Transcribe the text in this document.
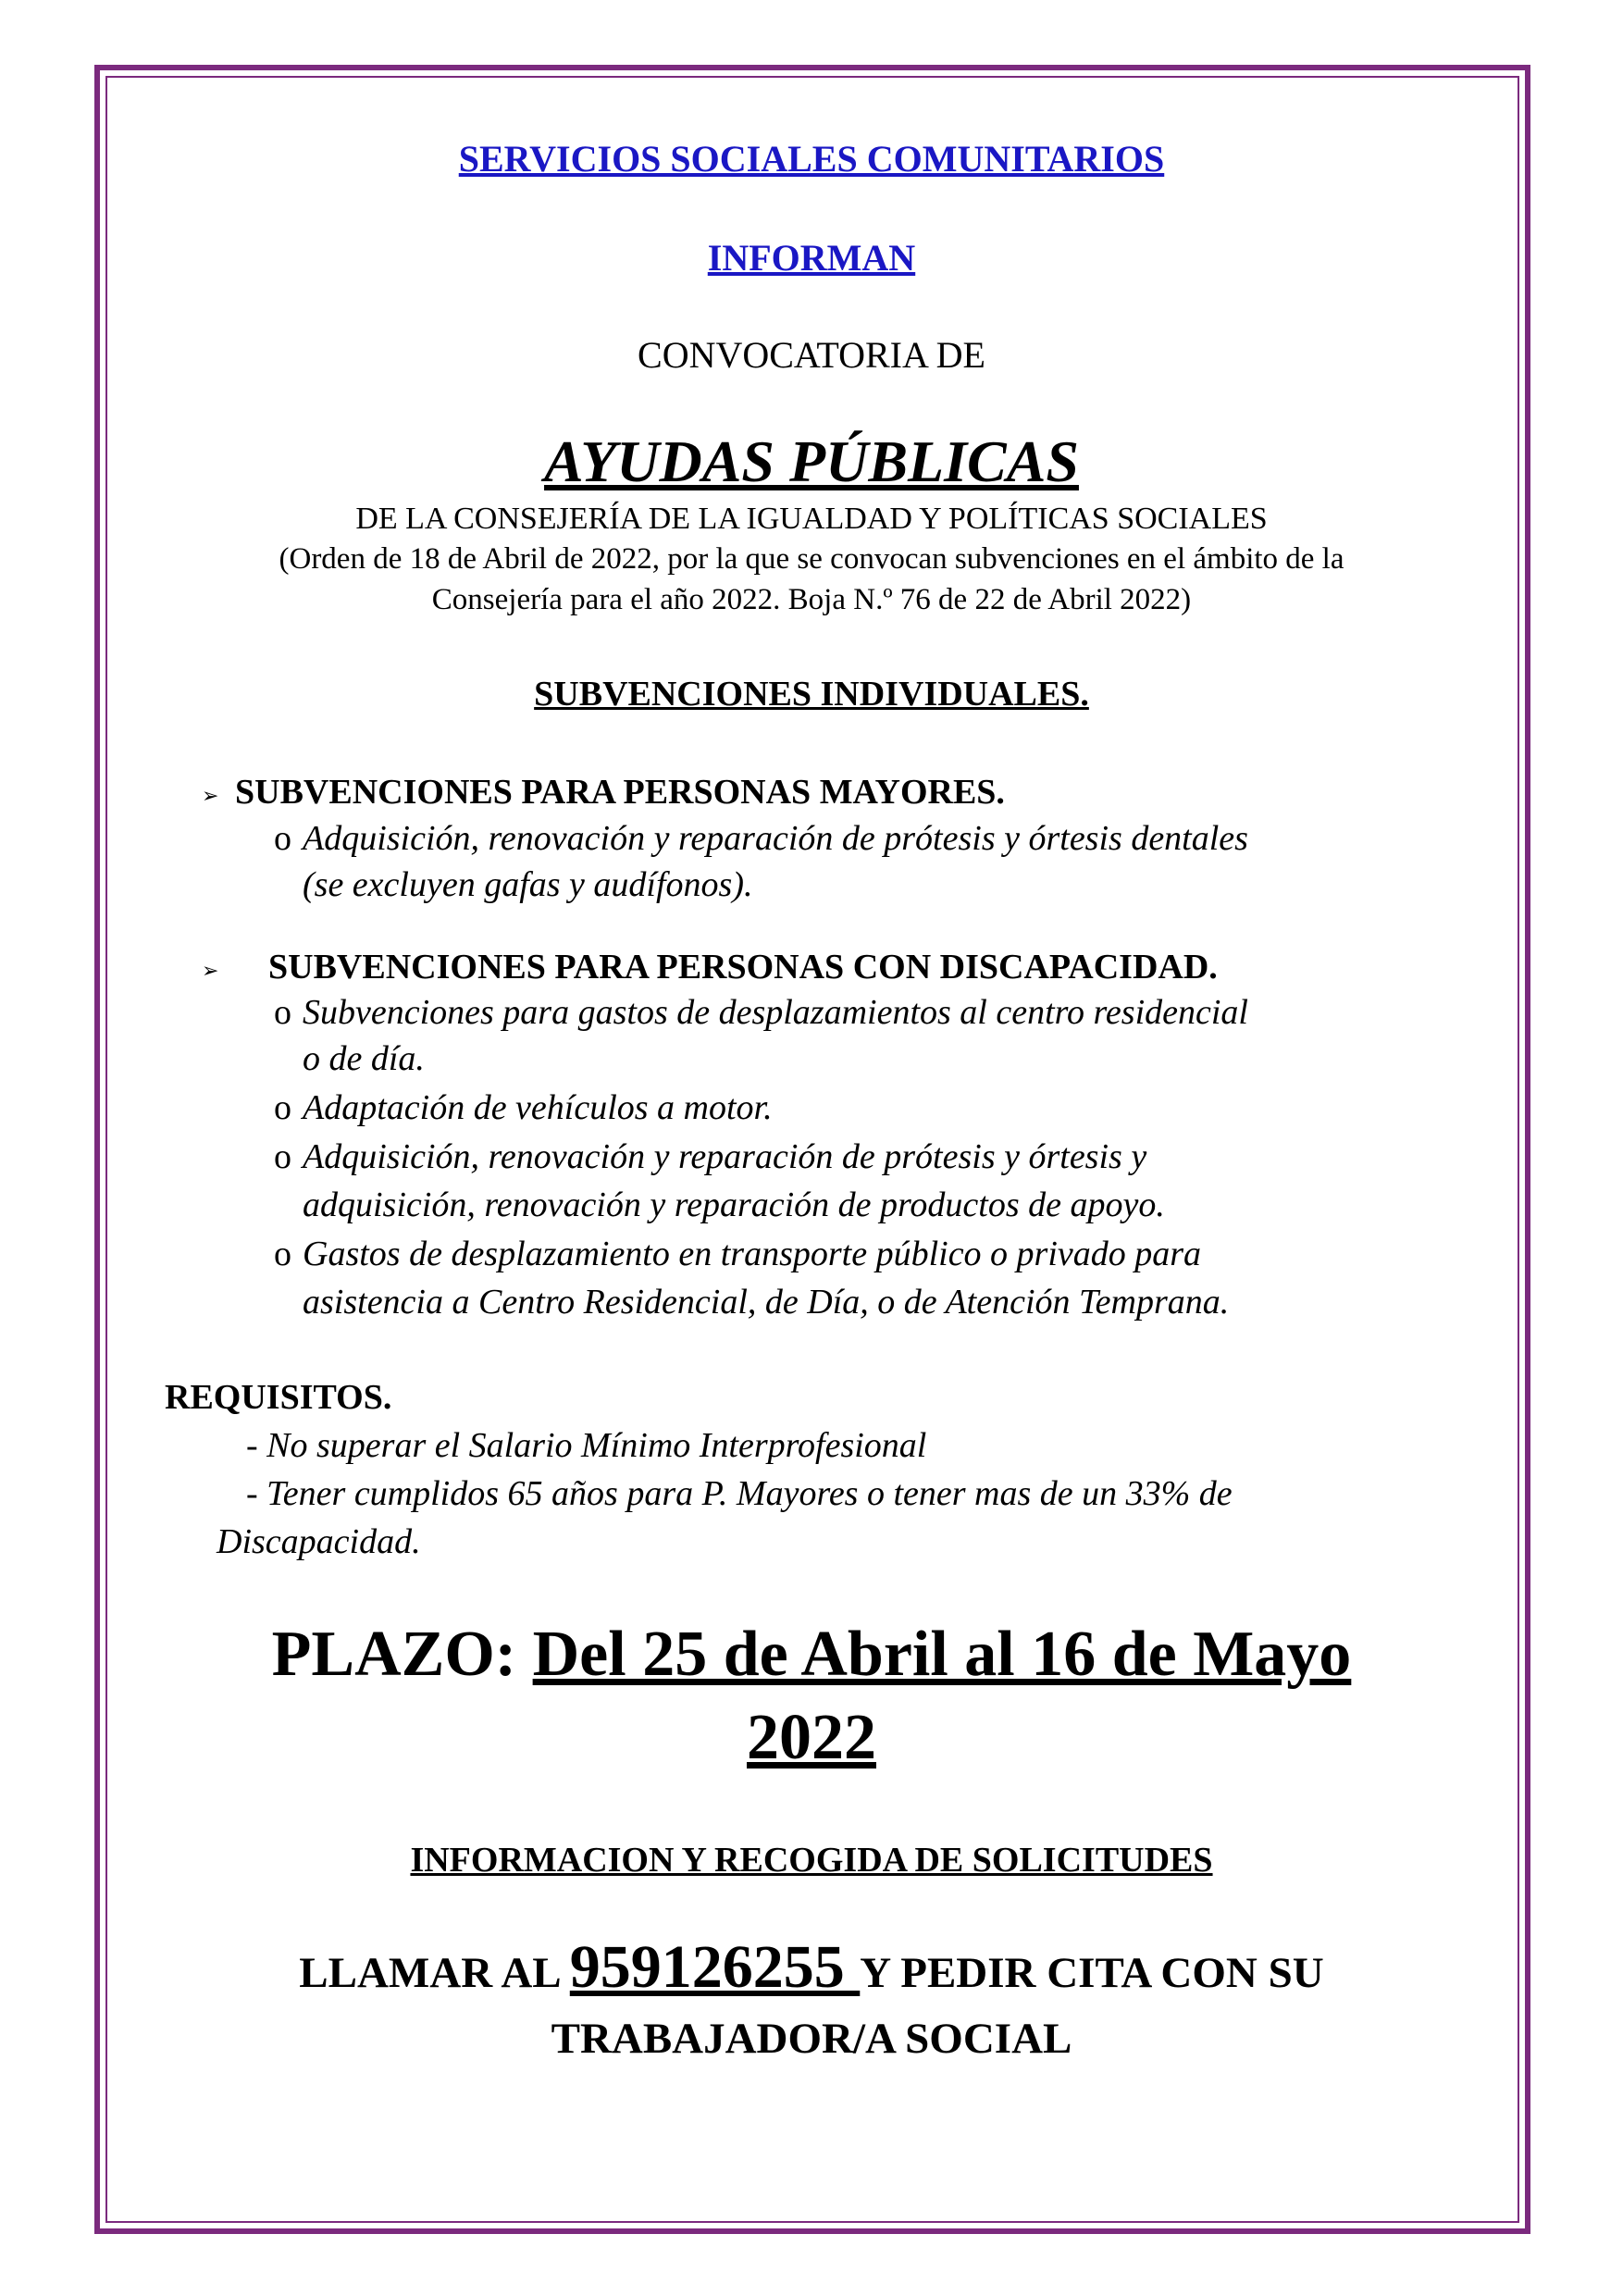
SERVICIOS SOCIALES COMUNITARIOS

INFORMAN

CONVOCATORIA DE

AYUDAS PÚBLICAS

DE LA CONSEJERÍA DE LA IGUALDAD Y POLÍTICAS SOCIALES

(Orden de 18 de Abril de 2022, por la que se convocan subvenciones en el ámbito de la

Consejería para el año 2022. Boja N.º 76 de 22 de Abril 2022)

SUBVENCIONES INDIVIDUALES.

➢ SUBVENCIONES PARA PERSONAS MAYORES.

o Adquisición, renovación y reparación de prótesis y órtesis dentales

(se excluyen gafas y audífonos).

➢ SUBVENCIONES PARA PERSONAS CON DISCAPACIDAD.

o Subvenciones para gastos de desplazamientos al centro residencial

o de día.

o Adaptación de vehículos a motor.

o Adquisición, renovación y reparación de prótesis y órtesis y

adquisición, renovación y reparación de productos de apoyo.

o Gastos de desplazamiento en transporte público o privado para

asistencia a Centro Residencial, de Día, o de Atención Temprana.

REQUISITOS.

- No superar el Salario Mínimo Interprofesional

- Tener cumplidos 65 años para P. Mayores o tener mas de un 33% de

Discapacidad.

PLAZO: Del 25 de Abril al 16 de Mayo

2022

INFORMACION Y RECOGIDA DE SOLICITUDES

LLAMAR AL 959126255 Y PEDIR CITA CON SU

TRABAJADOR/A SOCIAL
